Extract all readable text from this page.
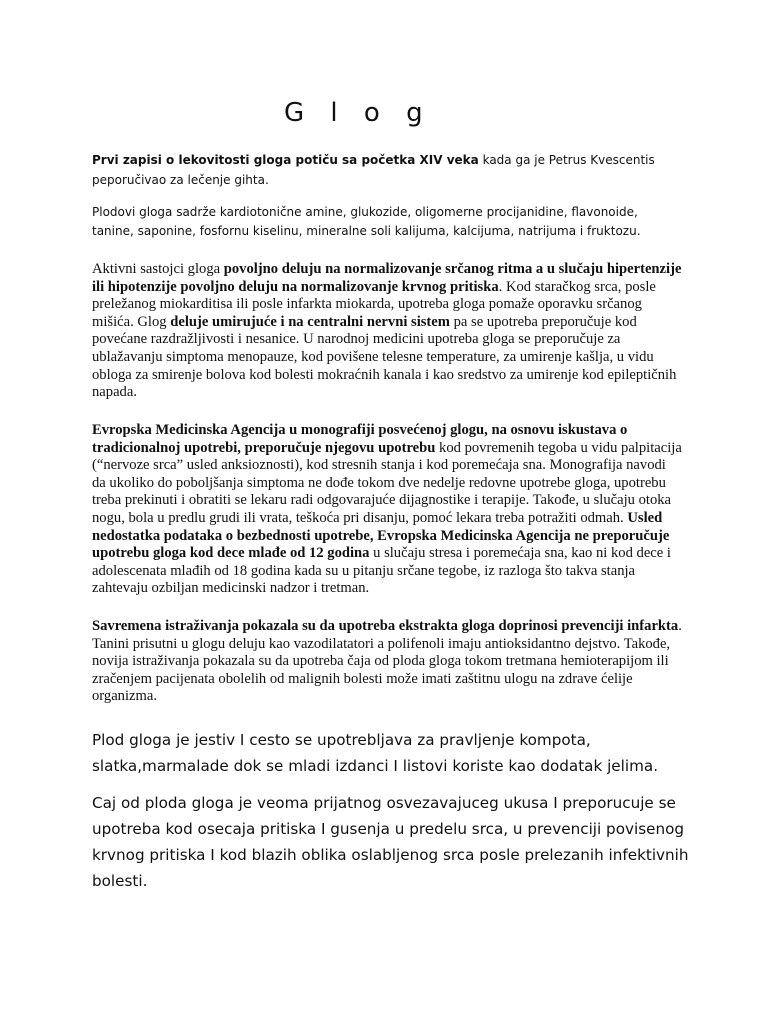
G l o g

Prvi zapisi o lekovitosti gloga potiču sa početka XIV veka kada ga je Petrus Kvescentis peporučivao za lečenje gihta.

Plodovi gloga sadrže kardiotonične amine, glukozide, oligomerne procijanidine, flavonoide, tanine, saponine, fosfornu kiselinu, mineralne soli kalijuma, kalcijuma, natrijuma i fruktozu.

Aktivni sastojci gloga povoljno deluju na normalizovanje srčanog ritma a u slučaju hipertenzije ili hipotenzije povoljno deluju na normalizovanje krvnog pritiska. Kod staračkog srca, posle preležanog miokarditisa ili posle infarkta miokarda, upotreba gloga pomaže oporavku srčanog mišića. Glog deluje umirujuće i na centralni nervni sistem pa se upotreba preporučuje kod povećane razdražljivosti i nesanice. U narodnoj medicini upotreba gloga se preporučuje za ublažavanju simptoma menopauze, kod povišene telesne temperature, za umirenje kašlja, u vidu obloga za smirenje bolova kod bolesti mokraćnih kanala i kao sredstvo za umirenje kod epileptičnih napada.

Evropska Medicinska Agencija u monografiji posvećenoj glogu, na osnovu iskustava o tradicionalnoj upotrebi, preporučuje njegovu upotrebu kod povremenih tegoba u vidu palpitacija (“nervoze srca” usled anksioznosti), kod stresnih stanja i kod poremećaja sna. Monografija navodi da ukoliko do poboljšanja simptoma ne dođe tokom dve nedelje redovne upotrebe gloga, upotrebu treba prekinuti i obratiti se lekaru radi odgovarajuće dijagnostike i terapije. Takođe, u slučaju otoka nogu, bola u predlu grudi ili vrata, teškoća pri disanju, pomoć lekara treba potražiti odmah. Usled nedostatka podataka o bezbednosti upotrebe, Evropska Medicinska Agencija ne preporučuje upotrebu gloga kod dece mlađe od 12 godina u slučaju stresa i poremećaja sna, kao ni kod dece i adolescenata mlađih od 18 godina kada su u pitanju srčane tegobe, iz razloga što takva stanja zahtevaju ozbiljan medicinski nadzor i tretman.

Savremena istraživanja pokazala su da upotreba ekstrakta gloga doprinosi prevenciji infarkta. Tanini prisutni u glogu deluju kao vazodilatatori a polifenoli imaju antioksidantno dejstvo. Takođe, novija istraživanja pokazala su da upotreba čaja od ploda gloga tokom tretmana hemioterapijom ili zračenjem pacijenata obolelih od malignih bolesti može imati zaštitnu ulogu na zdrave ćelije organizma.

Plod gloga je jestiv I cesto se upotrebljava za pravljenje kompota, slatka,marmalade dok se mladi izdanci I listovi koriste kao dodatak jelima.

Caj od ploda gloga je veoma prijatnog osvezavajuceg ukusa I preporucuje se upotreba kod osecaja pritiska I gusenja u predelu srca, u prevenciji povisenog krvnog pritiska I kod blazih oblika oslabljenog srca posle prelezanih infektivnih bolesti.
